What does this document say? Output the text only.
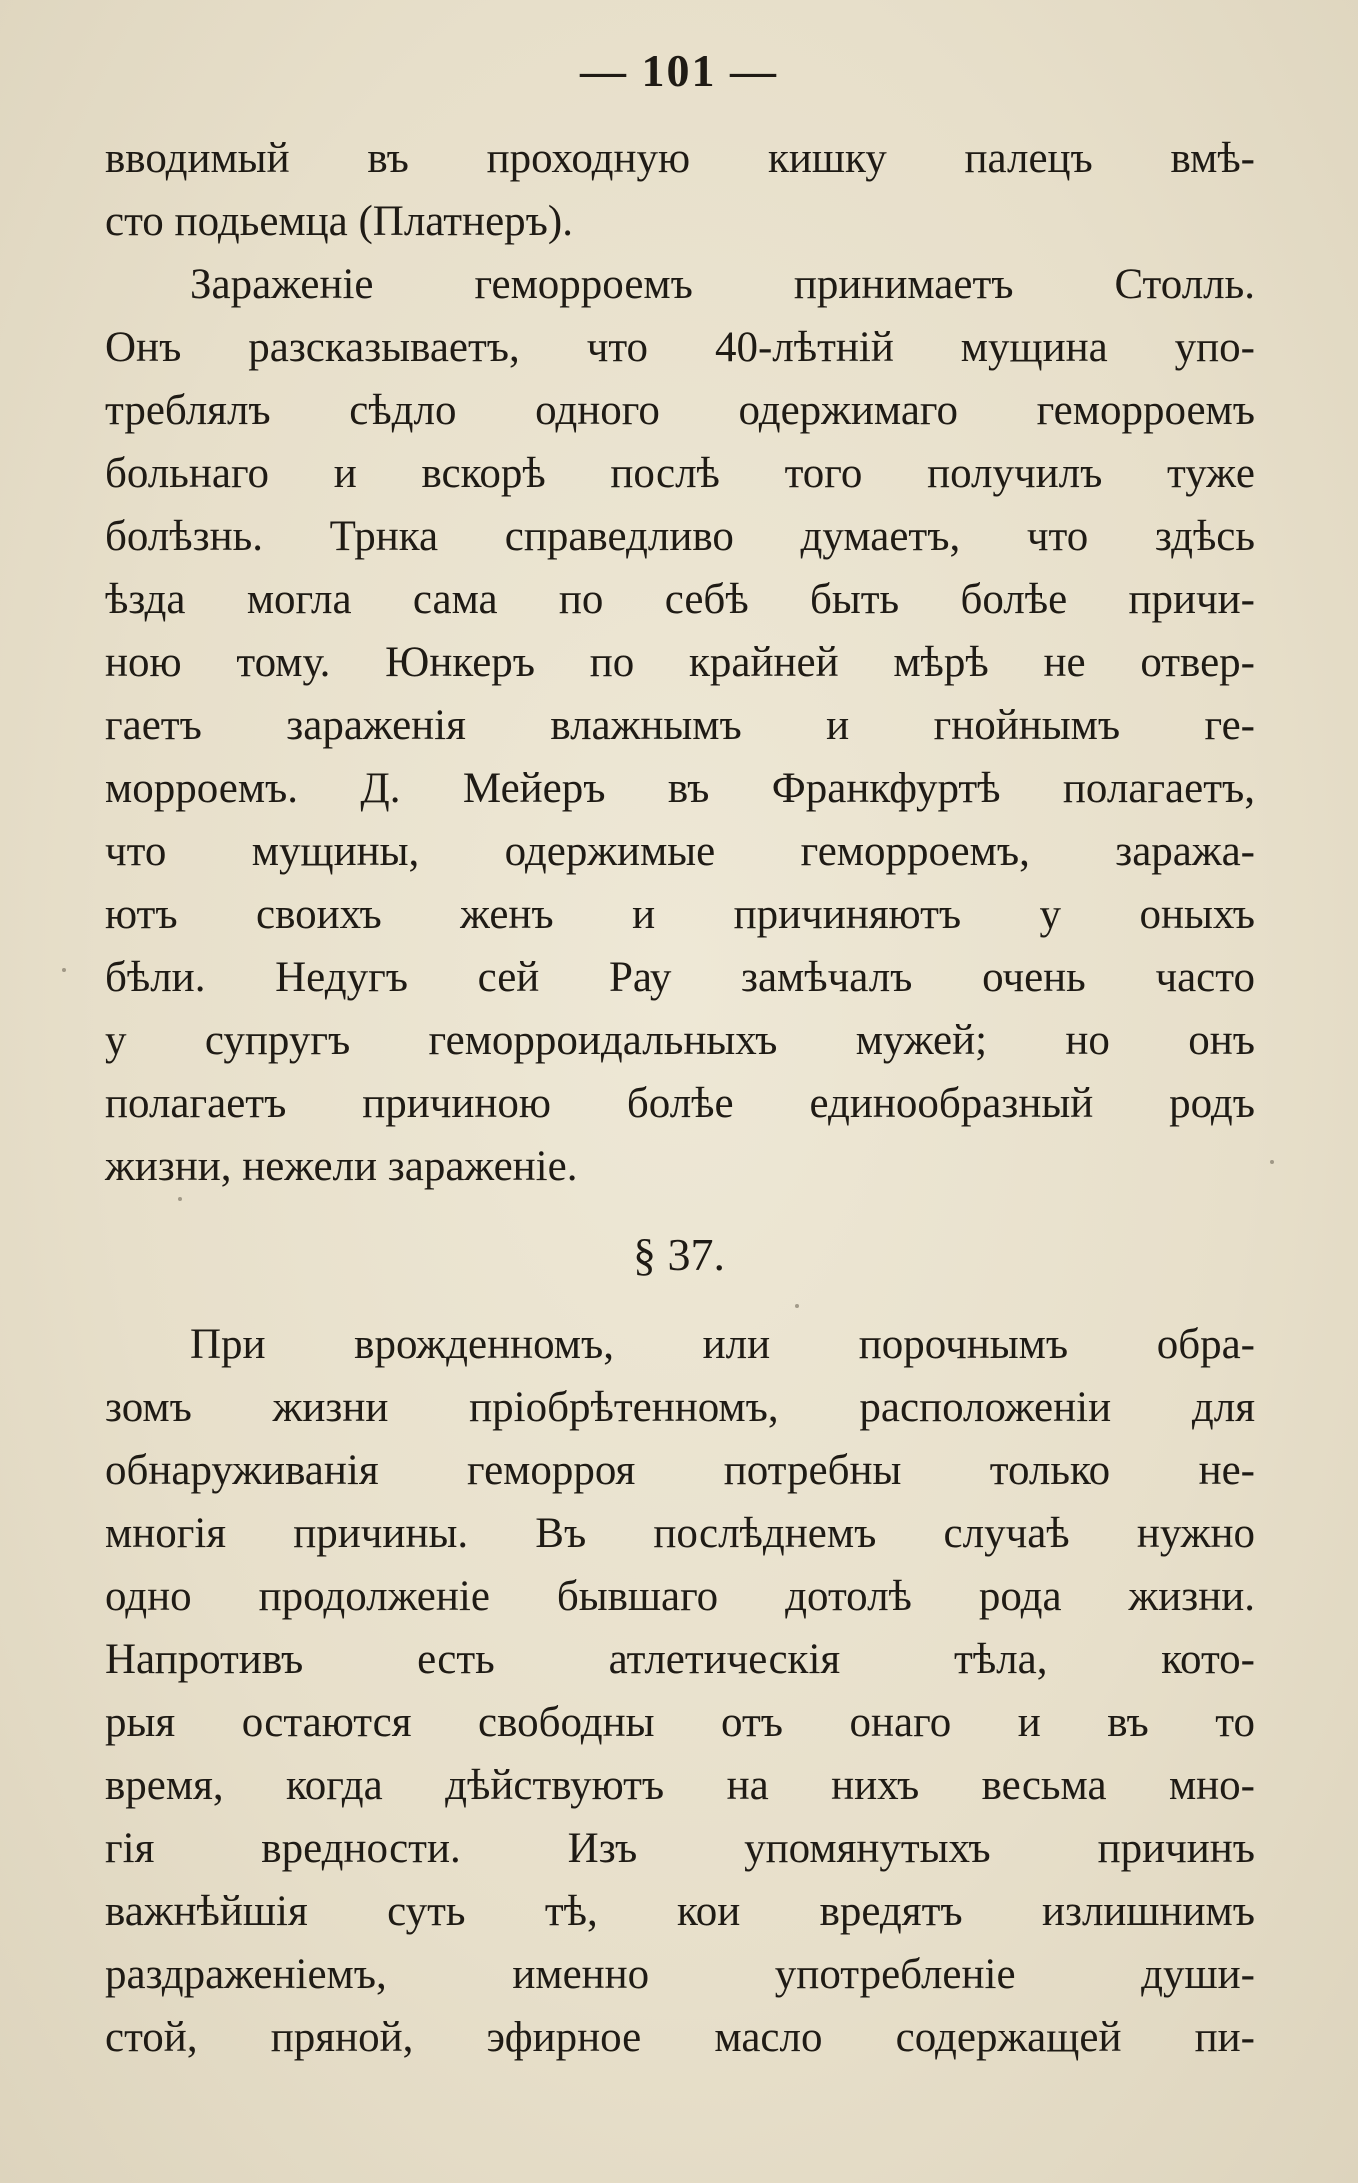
— 101 —
вводимый въ проходную кишку палецъ вмѣ-
сто подьемца (Платнеръ).
Зараженіе геморроемъ принимаетъ Столль.
Онъ разсказываетъ, что 40-лѣтній мущина упо-
треблялъ сѣдло одного одержимаго геморроемъ
больнаго и вскорѣ послѣ того получилъ тужe
болѣзнь. Трнка справедливо думаетъ, что здѣсь
ѣзда могла сама по себѣ быть болѣе причи-
ною тому. Юнкеръ по крайней мѣрѣ не отвер-
гаетъ зараженія влажнымъ и гнойнымъ ге-
морроемъ. Д. Мейеръ въ Франкфуртѣ полагаетъ,
что мущины, одержимые геморроемъ, заража-
ютъ своихъ женъ и причиняютъ у оныхъ
бѣли. Недугъ сей Рау замѣчалъ очень часто
у супругъ геморроидальныхъ мужей; но онъ
полагаетъ причиною болѣе единообразный родъ
жизни, нежели зараженіе.
§ 37.
При врожденномъ, или порочнымъ обра-
зомъ жизни пріобрѣтенномъ, расположеніи для
обнаруживанія геморроя потребны только не-
многія причины. Въ послѣднемъ случаѣ нужно
одно продолженіе бывшаго дотолѣ рода жизни.
Напротивъ есть атлетическія тѣла, кото-
рыя остаются свободны отъ онаго и въ то
время, когда дѣйствуютъ на нихъ весьма мно-
гія вредности. Изъ упомянутыхъ причинъ
важнѣйшія суть тѣ, кои вредятъ излишнимъ
раздраженіемъ, именно употребленіе души-
стой, пряной, эфирное масло содержащей пи-
